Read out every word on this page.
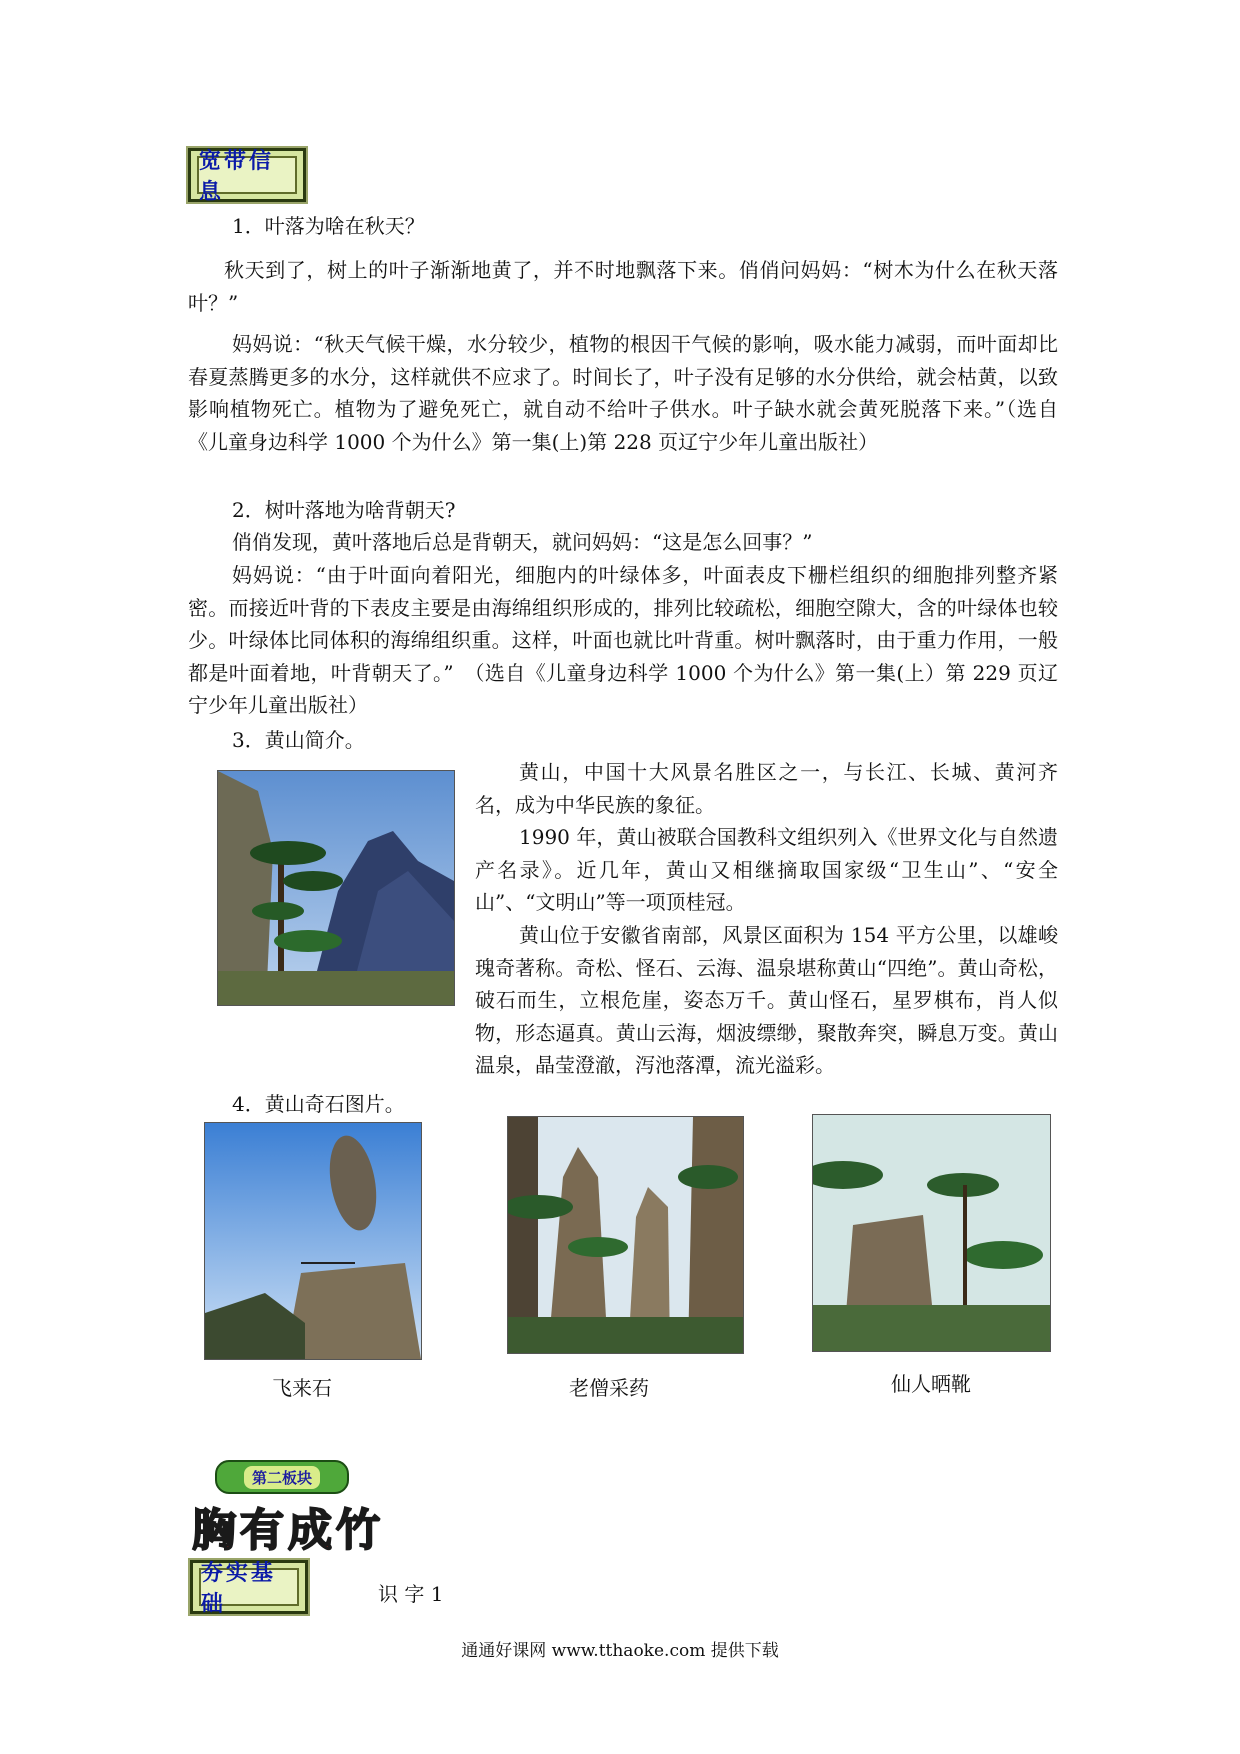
宽带信息
1．叶落为啥在秋天？
秋天到了，树上的叶子渐渐地黄了，并不时地飘落下来。俏俏问妈妈：“树木为什么在秋天落叶？”
妈妈说：“秋天气候干燥，水分较少，植物的根因干气候的影响，吸水能力减弱，而叶面却比春夏蒸腾更多的水分，这样就供不应求了。时间长了，叶子没有足够的水分供给，就会枯黄，以致影响植物死亡。植物为了避免死亡，就自动不给叶子供水。叶子缺水就会黄死脱落下来。”（选自《儿童身边科学 1000 个为什么》第一集(上)第 228 页辽宁少年儿童出版社）
2．树叶落地为啥背朝天?
俏俏发现，黄叶落地后总是背朝天，就问妈妈：“这是怎么回事？”
妈妈说：“由于叶面向着阳光，细胞内的叶绿体多，叶面表皮下栅栏组织的细胞排列整齐紧密。而接近叶背的下表皮主要是由海绵组织形成的，排列比较疏松，细胞空隙大，含的叶绿体也较少。叶绿体比同体积的海绵组织重。这样，叶面也就比叶背重。树叶飘落时，由于重力作用，一般都是叶面着地，叶背朝天了。”　（选自《儿童身边科学 1000 个为什么》第一集(上）第 229 页辽宁少年儿童出版社）
3．黄山简介。
黄山，中国十大风景名胜区之一，与长江、长城、黄河齐名，成为中华民族的象征。
1990 年，黄山被联合国教科文组织列入《世界文化与自然遗产名录》。近几年，黄山又相继摘取国家级“卫生山”、“安全山”、“文明山”等一项顶桂冠。
黄山位于安徽省南部，风景区面积为 154 平方公里，以雄峻瑰奇著称。奇松、怪石、云海、温泉堪称黄山“四绝”。黄山奇松，破石而生，立根危崖，姿态万千。黄山怪石，星罗棋布，肖人似物，形态逼真。黄山云海，烟波缥缈，聚散奔突，瞬息万变。黄山温泉，晶莹澄澈，泻池落潭，流光溢彩。
4．黄山奇石图片。
飞来石	老僧采药	仙人晒靴
第二板块
胸有成竹
夯实基础	识 字 1
通通好课网 www.tthaoke.com 提供下载
